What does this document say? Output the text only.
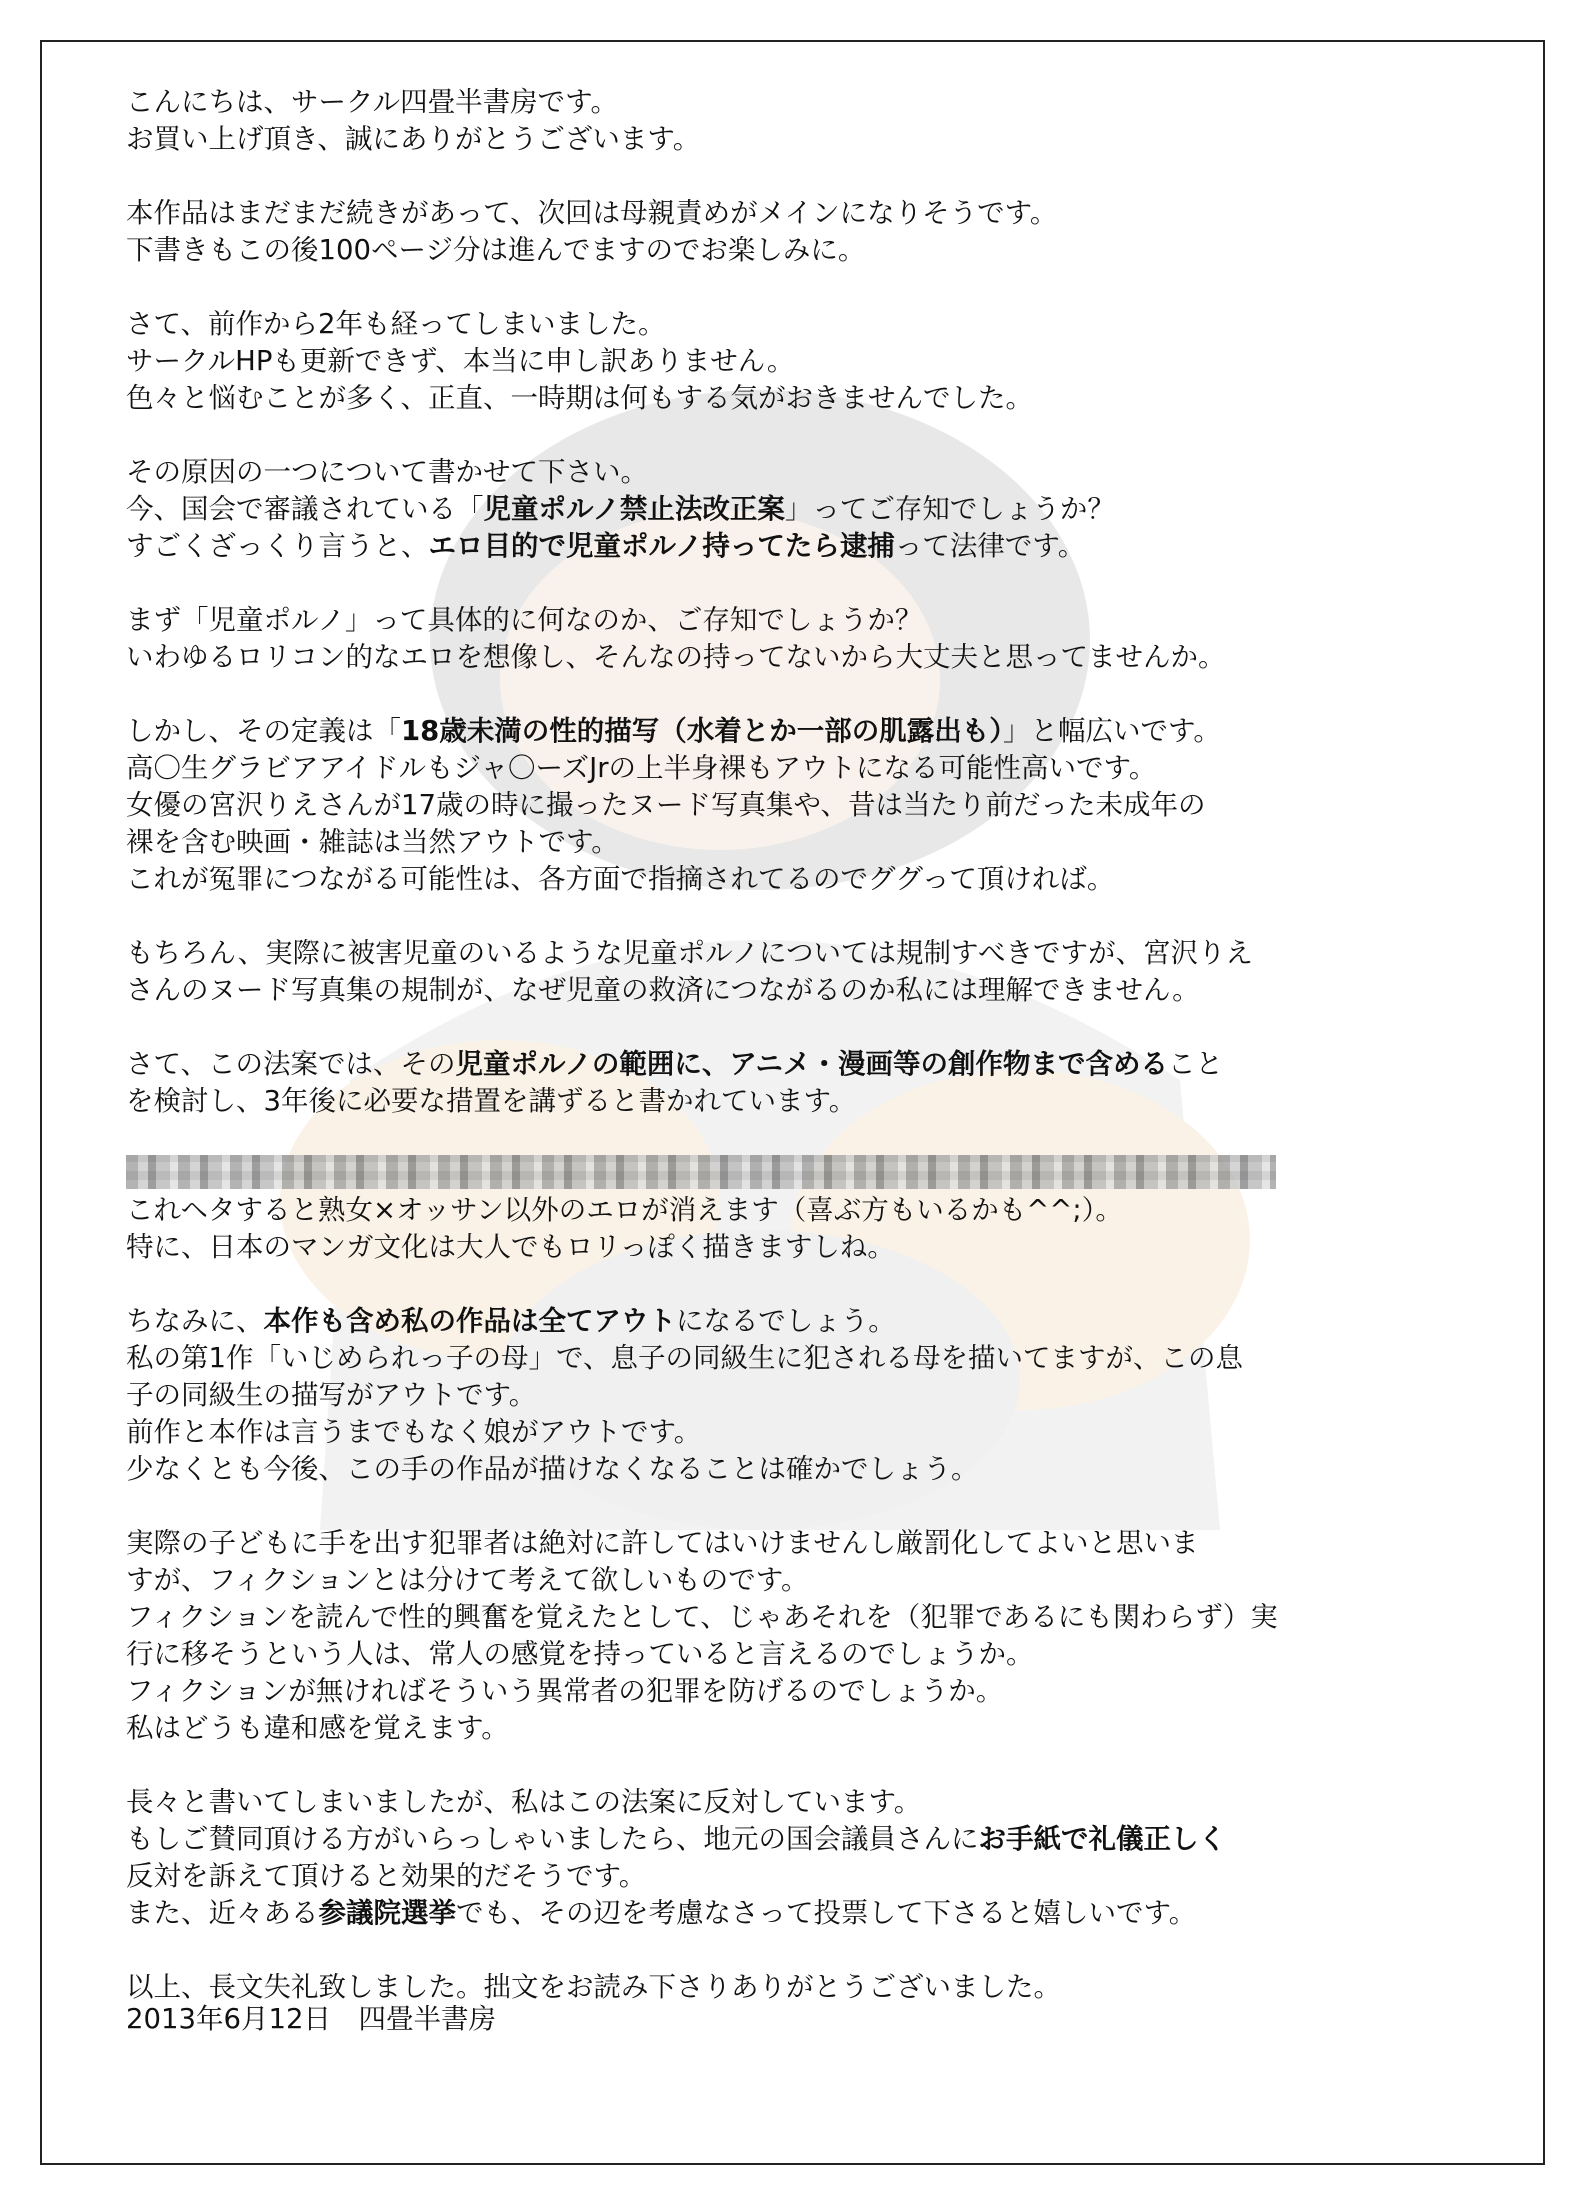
こんにちは、サークル四畳半書房です。
お買い上げ頂き、誠にありがとうございます。
本作品はまだまだ続きがあって、次回は母親責めがメインになりそうです。
下書きもこの後100ページ分は進んでますのでお楽しみに。
さて、前作から2年も経ってしまいました。
サークルHPも更新できず、本当に申し訳ありません。
色々と悩むことが多く、正直、一時期は何もする気がおきませんでした。
その原因の一つについて書かせて下さい。
今、国会で審議されている「児童ポルノ禁止法改正案」ってご存知でしょうか？
すごくざっくり言うと、エロ目的で児童ポルノ持ってたら逮捕って法律です。
まず「児童ポルノ」って具体的に何なのか、ご存知でしょうか？
いわゆるロリコン的なエロを想像し、そんなの持ってないから大丈夫と思ってませんか。
しかし、その定義は「18歳未満の性的描写（水着とか一部の肌露出も）」と幅広いです。
高〇生グラビアアイドルもジャ〇ーズJrの上半身裸もアウトになる可能性高いです。
女優の宮沢りえさんが17歳の時に撮ったヌード写真集や、昔は当たり前だった未成年の
裸を含む映画・雑誌は当然アウトです。
これが冤罪につながる可能性は、各方面で指摘されてるのでググって頂ければ。
もちろん、実際に被害児童のいるような児童ポルノについては規制すべきですが、宮沢りえ
さんのヌード写真集の規制が、なぜ児童の救済につながるのか私には理解できません。
さて、この法案では、その児童ポルノの範囲に、アニメ・漫画等の創作物まで含めること
を検討し、3年後に必要な措置を講ずると書かれています。
これヘタすると熟女×オッサン以外のエロが消えます（喜ぶ方もいるかも^^;）。
特に、日本のマンガ文化は大人でもロリっぽく描きますしね。
ちなみに、本作も含め私の作品は全てアウトになるでしょう。
私の第1作「いじめられっ子の母」で、息子の同級生に犯される母を描いてますが、この息
子の同級生の描写がアウトです。
前作と本作は言うまでもなく娘がアウトです。
少なくとも今後、この手の作品が描けなくなることは確かでしょう。
実際の子どもに手を出す犯罪者は絶対に許してはいけませんし厳罰化してよいと思いま
すが、フィクションとは分けて考えて欲しいものです。
フィクションを読んで性的興奮を覚えたとして、じゃあそれを（犯罪であるにも関わらず）実
行に移そうという人は、常人の感覚を持っていると言えるのでしょうか。
フィクションが無ければそういう異常者の犯罪を防げるのでしょうか。
私はどうも違和感を覚えます。
長々と書いてしまいましたが、私はこの法案に反対しています。
もしご賛同頂ける方がいらっしゃいましたら、地元の国会議員さんにお手紙で礼儀正しく
反対を訴えて頂けると効果的だそうです。
また、近々ある参議院選挙でも、その辺を考慮なさって投票して下さると嬉しいです。
以上、長文失礼致しました。拙文をお読み下さりありがとうございました。
2013年6月12日　四畳半書房
